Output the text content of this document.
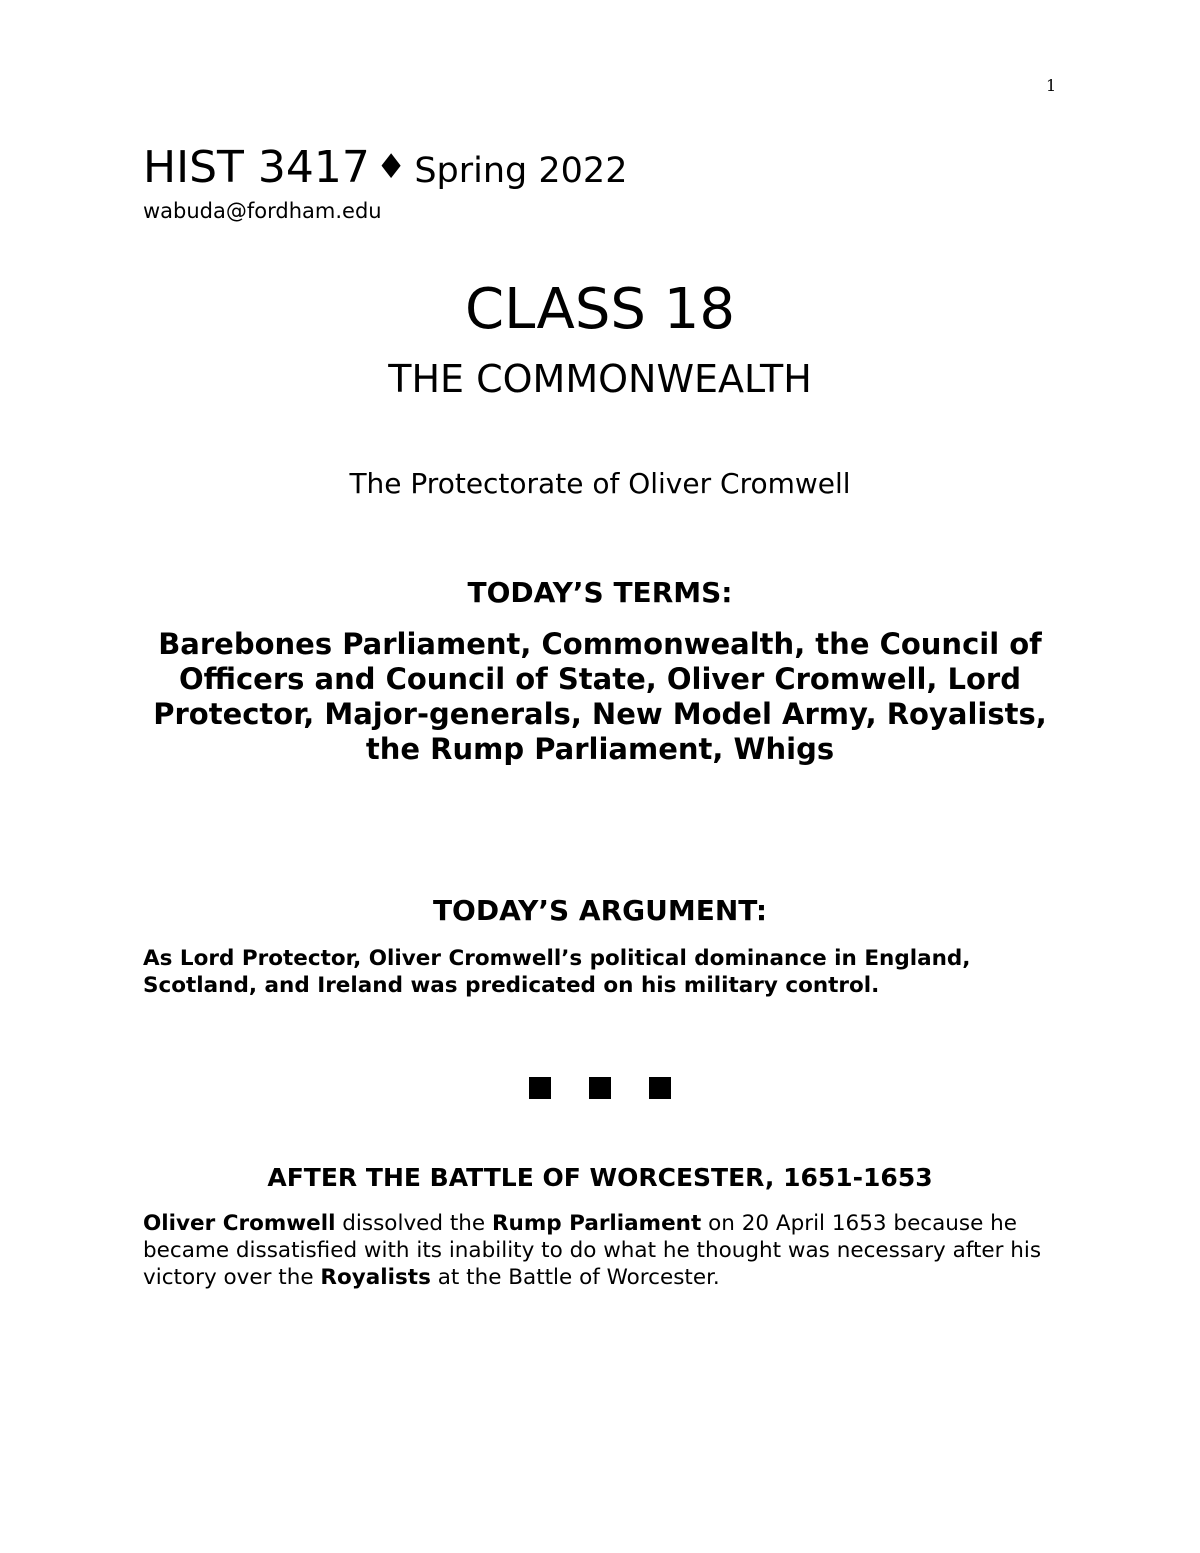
1
HIST 3417 ♦ Spring 2022
wabuda@fordham.edu
CLASS 18
THE COMMONWEALTH
The Protectorate of Oliver Cromwell
TODAY’S TERMS:
Barebones Parliament, Commonwealth, the Council of Officers and Council of State, Oliver Cromwell, Lord Protector, Major-generals, New Model Army, Royalists, the Rump Parliament, Whigs
TODAY’S ARGUMENT:
As Lord Protector, Oliver Cromwell’s political dominance in England, Scotland, and Ireland was predicated on his military control.
AFTER THE BATTLE OF WORCESTER, 1651-1653
Oliver Cromwell dissolved the Rump Parliament on 20 April 1653 because he became dissatisfied with its inability to do what he thought was necessary after his victory over the Royalists at the Battle of Worcester.
